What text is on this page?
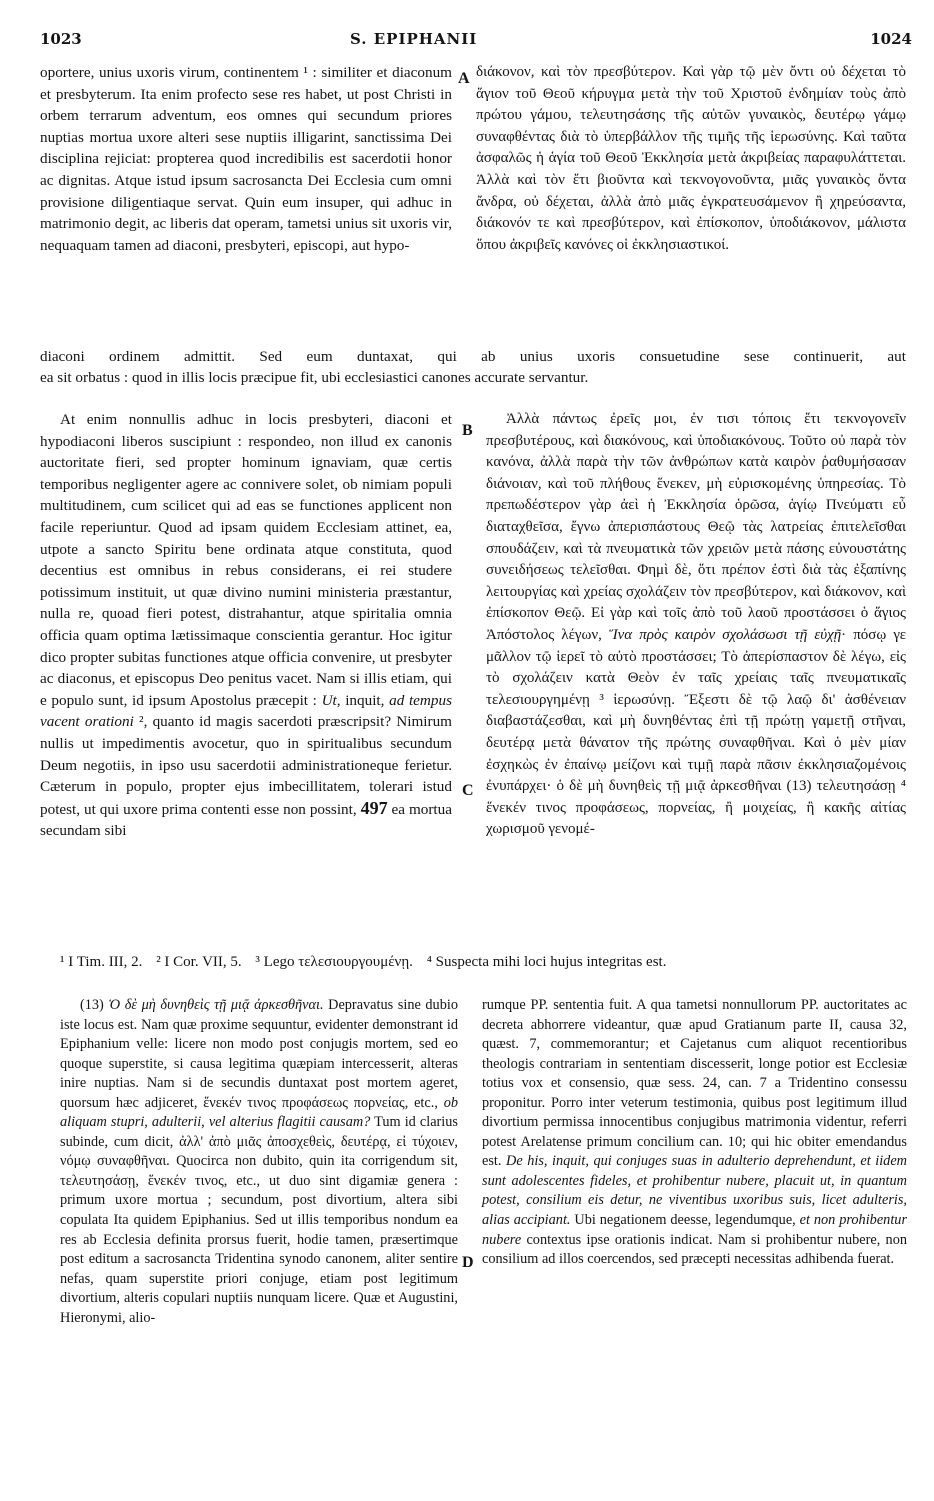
1023	S. EPIPHANII	1024

oportere, unius uxoris virum, continentem ¹ : similiter et diaconum et presbyterum. Ita enim profecto sese res habet, ut post Christi in orbem terrarum adventum, eos omnes qui secundum priores nuptias mortua uxore alteri sese nuptiis illigarint, sanctissima Dei disciplina rejiciat: propterea quod incredibilis est sacerdotii honor ac dignitas. Atque istud ipsum sacrosancta Dei Ecclesia cum omni provisione diligentiaque servat. Quin eum insuper, qui adhuc in matrimonio degit, ac liberis dat operam, tametsi unius sit uxoris vir, nequaquam tamen ad diaconi, presbyteri, episcopi, aut hypo-

A διάκονον, καὶ τὸν πρεσβύτερον. Καὶ γὰρ τῷ μὲν ὄντι οὐ δέχεται τὸ ἅγιον τοῦ Θεοῦ κήρυγμα μετὰ τὴν τοῦ Χριστοῦ ἐνδημίαν τοὺς ἀπὸ πρώτου γάμου, τελευτησάσης τῆς αὐτῶν γυναικὸς, δευτέρῳ γάμῳ συναφθέντας διὰ τὸ ὑπερβάλλον τῆς τιμῆς τῆς ἱερωσύνης. Καὶ ταῦτα ἀσφαλῶς ἡ ἁγία τοῦ Θεοῦ Ἐκκλησία μετὰ ἀκριβείας παραφυλάττεται. Ἀλλὰ καὶ τὸν ἔτι βιοῦντα καὶ τεκνογονοῦντα, μιᾶς γυναικὸς ὄντα ἄνδρα, οὐ δέχεται, ἀλλὰ ἀπὸ μιᾶς ἐγκρατευσάμενον ἢ χηρεύσαντα, διάκονόν τε καὶ πρεσβύτερον, καὶ ἐπίσκοπον, ὑποδιάκονον, μάλιστα ὅπου ἀκριβεῖς κανόνες οἱ ἐκκλησιαστικοί.

diaconi ordinem admittit. Sed eum duntaxat, qui ab unius uxoris consuetudine sese continuerit, aut
ea sit orbatus : quod in illis locis præcipue fit, ubi ecclesiastici canones accurate servantur.

At enim nonnullis adhuc in locis presbyteri, diaconi et hypodiaconi liberos suscipiunt : respondeo, non illud ex canonis auctoritate fieri, sed propter hominum ignaviam, quæ certis temporibus negligenter agere ac connivere solet, ob nimiam populi multitudinem, cum scilicet qui ad eas se functiones applicent non facile reperiuntur. Quod ad ipsam quidem Ecclesiam attinet, ea, utpote a sancto Spiritu bene ordinata atque constituta, quod decentius est omnibus in rebus considerans, ei rei studere potissimum instituit, ut quæ divino numini ministeria præstantur, nulla re, quoad fieri potest, distrahantur, atque spiritalia omnia officia quam optima lætissimaque conscientia gerantur. Hoc igitur dico propter subitas functiones atque officia convenire, ut presbyter ac diaconus, et episcopus Deo penitus vacet. Nam si illis etiam, qui e populo sunt, id ipsum Apostolus præcepit : Ut, inquit, ad tempus vacent orationi ², quanto id magis sacerdoti præscripsit? Nimirum nullis ut impedimentis avocetur, quo in spiritualibus secundum Deum negotiis, in ipso usu sacerdotii administrationeque ferietur. Cæterum in populo, propter ejus imbecillitatem, tolerari istud potest, ut qui uxore prima contenti esse non possint, 497 ea mortua secundam sibi

B
C

Ἀλλὰ πάντως ἐρεῖς μοι, ἐν τισι τόποις ἔτι τεκνογονεῖν πρεσβυτέρους, καὶ διακόνους, καὶ ὑποδιακόνους. Τοῦτο οὐ παρὰ τὸν κανόνα, ἀλλὰ παρὰ τὴν τῶν ἀνθρώπων κατὰ καιρὸν ῥαθυμήσασαν διάνοιαν, καὶ τοῦ πλήθους ἕνεκεν, μὴ εὑρισκομένης ὑπηρεσίας. Τὸ πρεπωδέστερον γὰρ ἀεὶ ἡ Ἐκκλησία ὁρῶσα, ἁγίῳ Πνεύματι εὖ διαταχθεῖσα, ἔγνω ἀπερισπάστους Θεῷ τὰς λατρείας ἐπιτελεῖσθαι σπουδάζειν, καὶ τὰ πνευματικὰ τῶν χρειῶν μετὰ πάσης εὐνουστάτης συνειδήσεως τελεῖσθαι. Φημὶ δὲ, ὅτι πρέπον ἐστὶ διὰ τὰς ἐξαπίνης λειτουργίας καὶ χρείας σχολάζειν τὸν πρεσβύτερον, καὶ διάκονον, καὶ ἐπίσκοπον Θεῷ. Εἰ γὰρ καὶ τοῖς ἀπὸ τοῦ λαοῦ προστάσσει ὁ ἅγιος Ἀπόστολος λέγων, Ἵνα πρὸς καιρὸν σχολάσωσι τῇ εὐχῇ· πόσῳ γε μᾶλλον τῷ ἱερεῖ τὸ αὐτὸ προστάσσει; Τὸ ἀπερίσπαστον δὲ λέγω, εἰς τὸ σχολάζειν κατὰ Θεὸν ἐν ταῖς χρείαις ταῖς πνευματικαῖς τελεσιουργημένῃ ³ ἱερωσύνῃ. Ἔξεστι δὲ τῷ λαῷ δι' ἀσθένειαν διαβαστάζεσθαι, καὶ μὴ δυνηθέντας ἐπὶ τῇ πρώτῃ γαμετῇ στῆναι, δευτέρᾳ μετὰ θάνατον τῆς πρώτης συναφθῆναι. Καὶ ὁ μὲν μίαν ἐσχηκὼς ἐν ἐπαίνῳ μείζονι καὶ τιμῇ παρὰ πᾶσιν ἐκκλησιαζομένοις ἐνυπάρχει· ὁ δὲ μὴ δυνηθεὶς τῇ μιᾷ ἀρκεσθῆναι (13) τελευτησάσῃ ⁴ ἕνεκέν τινος προφάσεως, πορνείας, ἢ μοιχείας, ἢ κακῆς αἰτίας χωρισμοῦ γενομέ-

¹ I Tim. III, 2. ² I Cor. VII, 5. ³ Lego τελεσιουργουμένῃ. ⁴ Suspecta mihi loci hujus integritas est.

(13) Ὁ δὲ μὴ δυνηθεὶς τῇ μιᾷ ἀρκεσθῆναι. Depravatus sine dubio iste locus est. Nam quæ proxime sequuntur, evidenter demonstrant id Epiphanium velle: licere non modo post conjugis mortem, sed eo quoque superstite, si causa legitima quæpiam intercesserit, alteras inire nuptias. Nam si de secundis duntaxat post mortem ageret, quorsum hæc adjiceret, ἕνεκέν τινος προφάσεως πορνείας, etc., ob aliquam stupri, adulterii, vel alterius flagitii causam? Tum id clarius subinde, cum dicit, ἀλλ' ἀπὸ μιᾶς ἀποσχεθεὶς, δευτέρᾳ, εἰ τύχοιεν, νόμῳ συναφθῆναι. Quocirca non dubito, quin ita corrigendum sit, τελευτησάσῃ, ἕνεκέν τινος, etc., ut duo sint digamiæ genera : primum uxore mortua ; secundum, post divortium, altera sibi copulata Ita quidem Epiphanius. Sed ut illis temporibus nondum ea res ab Ecclesia definita prorsus fuerit, hodie tamen, præsertimque post editum a sacrosancta Tridentina synodo canonem, aliter sentire nefas, quam superstite priori conjuge, etiam post legitimum divortium, alteris copulari nuptiis nunquam licere. Quæ et Augustini, Hieronymi, alio-

D

rumque PP. sententia fuit. A qua tametsi nonnullorum PP. auctoritates ac decreta abhorrere videantur, quæ apud Gratianum parte II, causa 32, quæst. 7, commemorantur; et Cajetanus cum aliquot recentioribus theologis contrariam in sententiam discesserit, longe potior est Ecclesiæ totius vox et consensio, quæ sess. 24, can. 7 a Tridentino consessu proponitur. Porro inter veterum testimonia, quibus post legitimum illud divortium permissa innocentibus conjugibus matrimonia videntur, referri potest Arelatense primum concilium can. 10; qui hic obiter emendandus est. De his, inquit, qui conjuges suas in adulterio deprehendunt, et iidem sunt adolescentes fideles, et prohibentur nubere, placuit ut, in quantum potest, consilium eis detur, ne viventibus uxoribus suis, licet adulteris, alias accipiant. Ubi negationem deesse, legendumque, et non prohibentur nubere contextus ipse orationis indicat. Nam si prohibentur nubere, non consilium ad illos coercendos, sed præcepti necessitas adhibenda fuerat.
